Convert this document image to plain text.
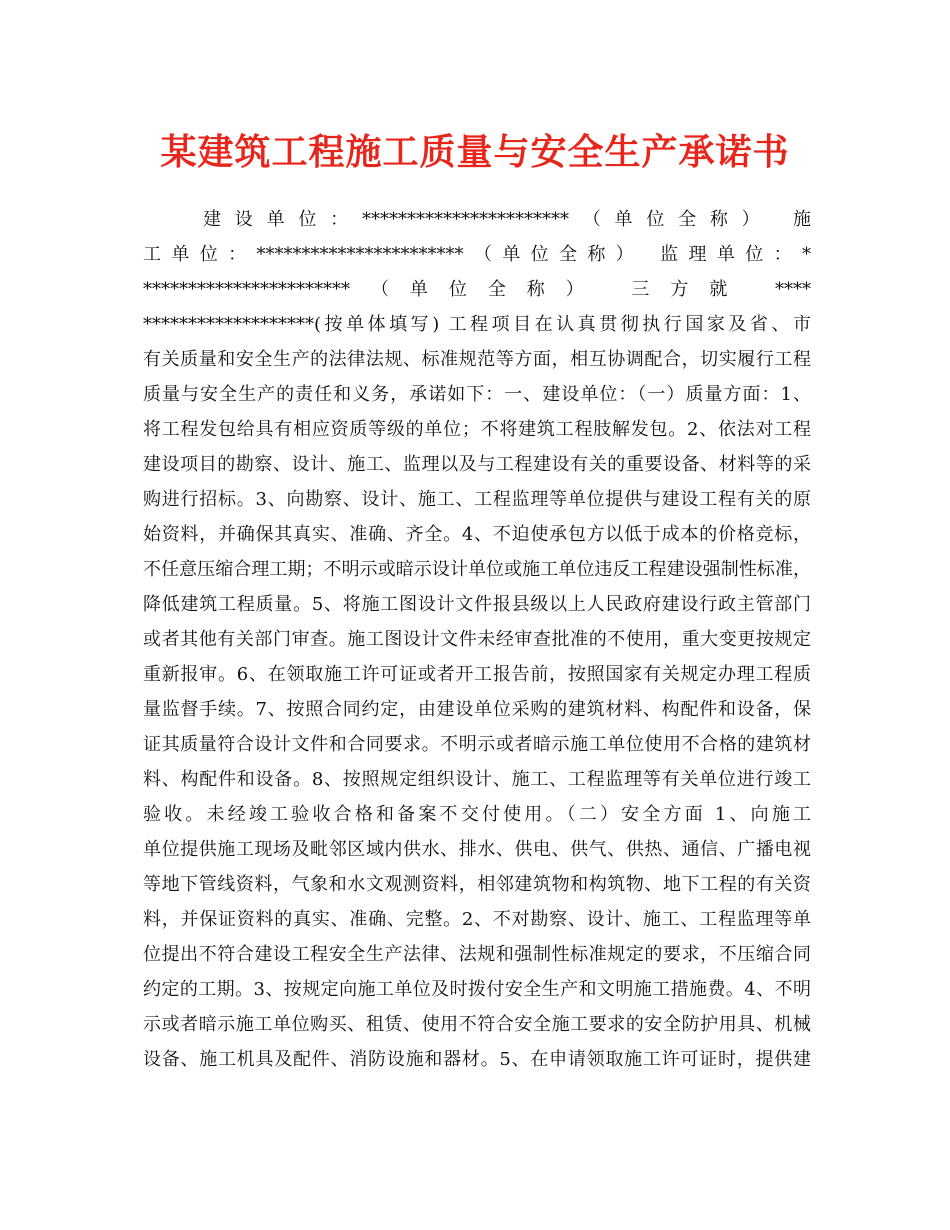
某建筑工程施工质量与安全生产承诺书
建设单位：***********************（单位全称） 施
工单位：***********************（单位全称） 监理单位：*
***********************（单位全称） 三方就 ****
*******************(按单体填写) 工程项目在认真贯彻执行国家及省、市
有关质量和安全生产的法律法规、标准规范等方面，相互协调配合，切实履行工程
质量与安全生产的责任和义务，承诺如下：一、建设单位：（一）质量方面：1、
将工程发包给具有相应资质等级的单位；不将建筑工程肢解发包。2、依法对工程
建设项目的勘察、设计、施工、监理以及与工程建设有关的重要设备、材料等的采
购进行招标。3、向勘察、设计、施工、工程监理等单位提供与建设工程有关的原
始资料，并确保其真实、准确、齐全。4、不迫使承包方以低于成本的价格竞标，
不任意压缩合理工期；不明示或暗示设计单位或施工单位违反工程建设强制性标准，
降低建筑工程质量。5、将施工图设计文件报县级以上人民政府建设行政主管部门
或者其他有关部门审查。施工图设计文件未经审查批准的不使用，重大变更按规定
重新报审。6、在领取施工许可证或者开工报告前，按照国家有关规定办理工程质
量监督手续。7、按照合同约定，由建设单位采购的建筑材料、构配件和设备，保
证其质量符合设计文件和合同要求。不明示或者暗示施工单位使用不合格的建筑材
料、构配件和设备。8、按照规定组织设计、施工、工程监理等有关单位进行竣工
验收。未经竣工验收合格和备案不交付使用。（二）安全方面 1、向施工
单位提供施工现场及毗邻区域内供水、排水、供电、供气、供热、通信、广播电视
等地下管线资料，气象和水文观测资料，相邻建筑物和构筑物、地下工程的有关资
料，并保证资料的真实、准确、完整。2、不对勘察、设计、施工、工程监理等单
位提出不符合建设工程安全生产法律、法规和强制性标准规定的要求，不压缩合同
约定的工期。3、按规定向施工单位及时拨付安全生产和文明施工措施费。4、不明
示或者暗示施工单位购买、租赁、使用不符合安全施工要求的安全防护用具、机械
设备、施工机具及配件、消防设施和器材。5、在申请领取施工许可证时，提供建
